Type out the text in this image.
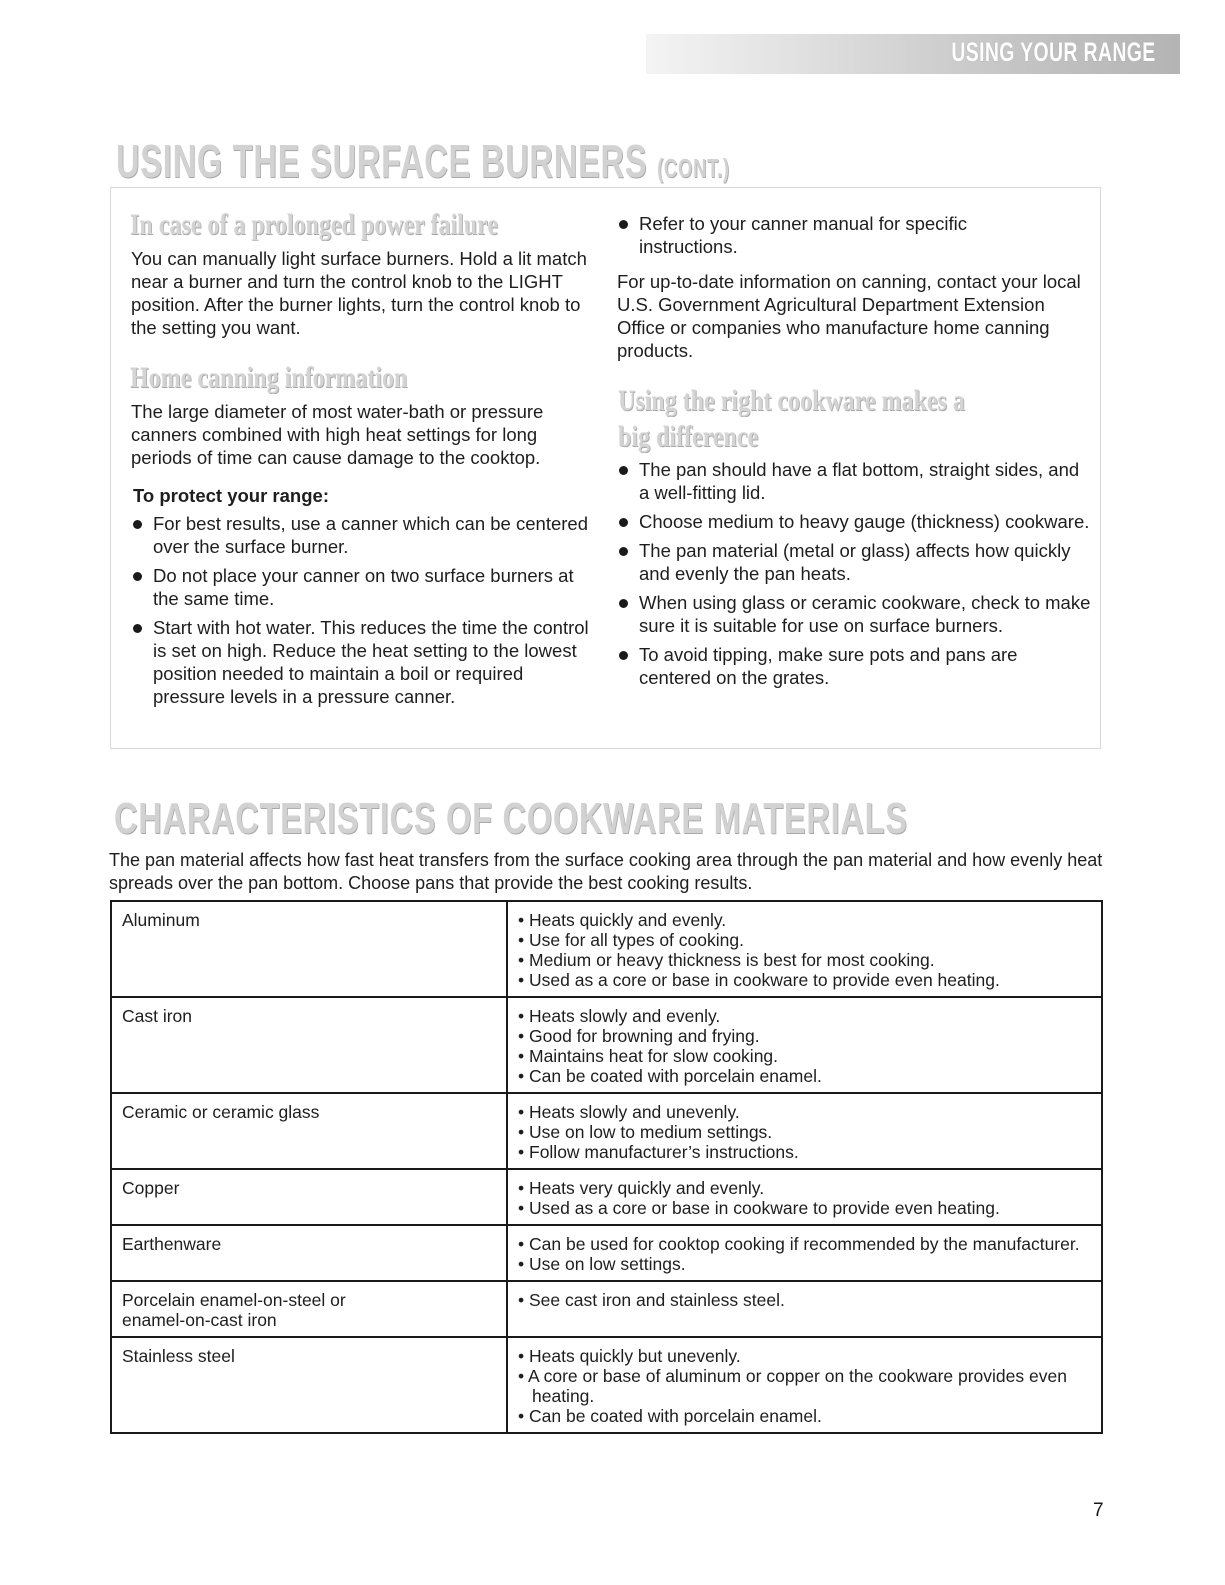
USING YOUR RANGE
USING THE SURFACE BURNERS (CONT.)
In case of a prolonged power failure

You can manually light surface burners. Hold a lit match near a burner and turn the control knob to the LIGHT position. After the burner lights, turn the control knob to the setting you want.

Home canning information

The large diameter of most water-bath or pressure canners combined with high heat settings for long periods of time can cause damage to the cooktop.

To protect your range:

For best results, use a canner which can be centered over the surface burner.
Do not place your canner on two surface burners at the same time.
Start with hot water. This reduces the time the control is set on high. Reduce the heat setting to the lowest position needed to maintain a boil or required pressure levels in a pressure canner.
Refer to your canner manual for specific instructions.

For up-to-date information on canning, contact your local U.S. Government Agricultural Department Extension Office or companies who manufacture home canning products.

Using the right cookware makes a
big difference
The pan should have a flat bottom, straight sides, and a well-fitting lid.
Choose medium to heavy gauge (thickness) cookware.
The pan material (metal or glass) affects how quickly and evenly the pan heats.
When using glass or ceramic cookware, check to make sure it is suitable for use on surface burners.
To avoid tipping, make sure pots and pans are centered on the grates.
CHARACTERISTICS OF COOKWARE MATERIALS

The pan material affects how fast heat transfers from the surface cooking area through the pan material and how evenly heat spreads over the pan bottom. Choose pans that provide the best cooking results.

Aluminum	• Heats quickly and evenly.
• Use for all types of cooking.
• Medium or heavy thickness is best for most cooking.
• Used as a core or base in cookware to provide even heating.

Cast iron	• Heats slowly and evenly.
• Good for browning and frying.
• Maintains heat for slow cooking.
• Can be coated with porcelain enamel.

Ceramic or ceramic glass	• Heats slowly and unevenly.
• Use on low to medium settings.
• Follow manufacturer’s instructions.

Copper	• Heats very quickly and evenly.
• Used as a core or base in cookware to provide even heating.

Earthenware	• Can be used for cooktop cooking if recommended by the manufacturer.
• Use on low settings.

Porcelain enamel-on-steel or enamel-on-cast iron	• See cast iron and stainless steel.

Stainless steel	• Heats quickly but unevenly.
• A core or base of aluminum or copper on the cookware provides even heating.
• Can be coated with porcelain enamel.
7
